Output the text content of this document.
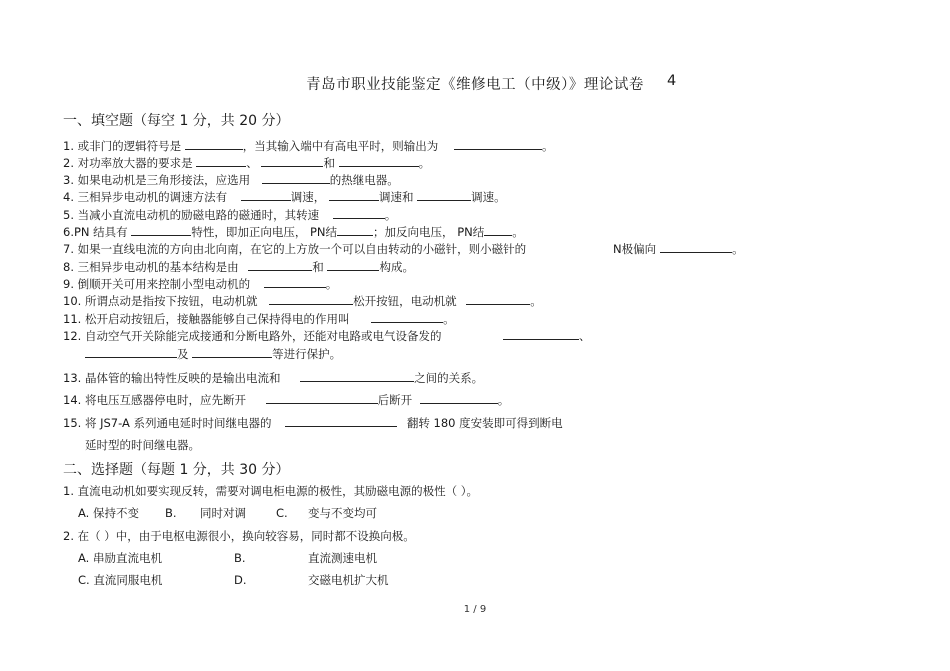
青岛市职业技能鉴定《维修电工（中级）》理论试卷 4
一、填空题（每空 1 分，共 20 分）
1. 或非门的逻辑符号是	，当其输入端中有高电平时，则输出为	。
2. 对功率放大器的要求是	、	和	。
3. 如果电动机是三角形接法，应选用	的热继电器。
4. 三相异步电动机的调速方法有	调速，	调速和	调速。
5. 当减小直流电动机的励磁电路的磁通时，其转速	。
6.PN 结具有	特性，即加正向电压， PN结	；加反向电压， PN结 。
7. 如果一直线电流的方向由北向南，在它的上方放一个可以自由转动的小磁针，则小磁针的	N极偏向	。
8. 三相异步电动机的基本结构是由	和	构成。
9. 倒顺开关可用来控制小型电动机的	。
10. 所谓点动是指按下按钮，电动机就	松开按钮，电动机就	。
11. 松开启动按钮后，接触器能够自己保持得电的作用叫	。
12. 自动空气开关除能完成接通和分断电路外，还能对电路或电气设备发的	、
及	等进行保护。
13. 晶体管的输出特性反映的是输出电流和	之间的关系。
14. 将电压互感器停电时，应先断开	后断开	。
15. 将 JS7-A 系列通电延时时间继电器的	翻转 180 度安装即可得到断电
延时型的时间继电器。
二、选择题（每题 1 分，共 30 分）
1. 直流电动机如要实现反转，需要对调电柜电源的极性，其励磁电源的极性（ ）。
A. 保持不变 B. 同时对调	C. 变与不变均可
2. 在（ ）中，由于电枢电源很小，换向较容易，同时都不设换向极。
A. 串励直流电机	B.	直流测速电机
C. 直流同服电机	D.	交磁电机扩大机
1 / 9
